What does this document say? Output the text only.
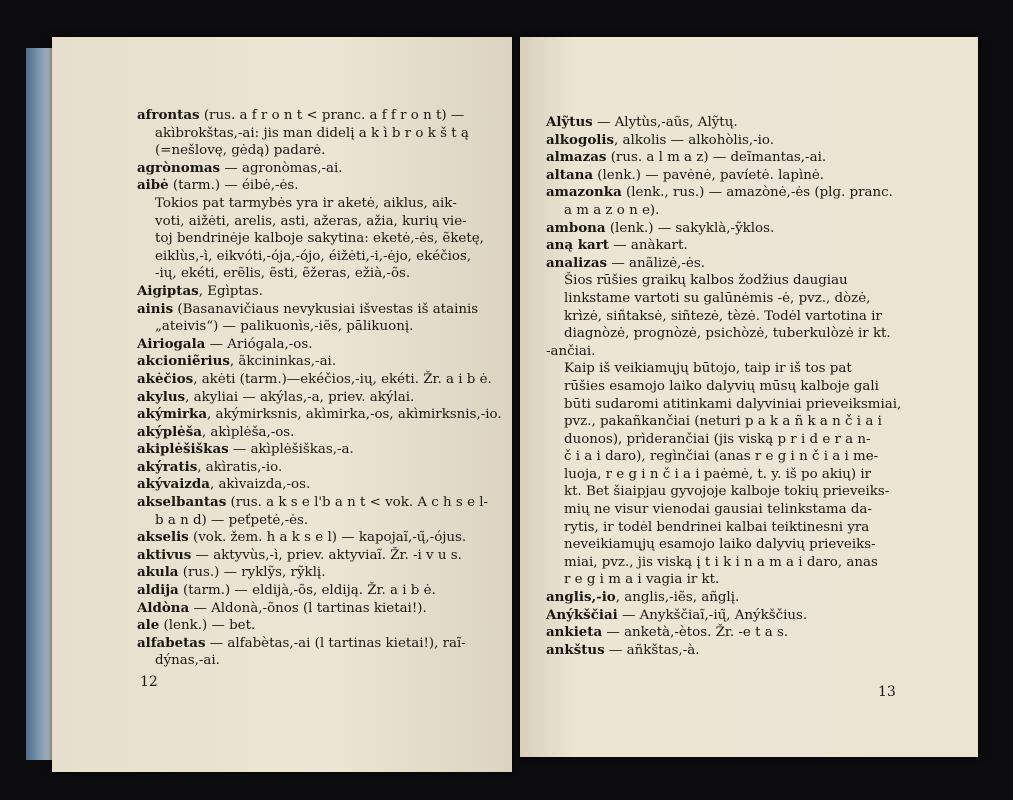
afrontas (rus. a f r o n t < pranc. a f f r o n t) —
akìbrokštas,-ai: jis man didelį a k ì b r o k š t ą
(=nešlovę, gėdą) padarė.
agrònomas — agronòmas,-ai.
aibė (tarm.) — éibė,-ės.
Tokios pat tarmybės yra ir aketė, aiklus, aik-
voti, aižėti, arelis, asti, ažeras, ažia, kurių vie-
toj bendrinėje kalboje sakytina: eketė,-ės, ẽketę,
eiklùs,-ì, eikvóti,-ója,-ójo, éižėti,-i,-ėjo, ekéčios,
-ių, ekéti, erẽlis, ẽsti, ẽžeras, ežià,-õs.
Aigiptas, Egìptas.
ainis (Basanavičiaus nevykusiai išvestas iš atainis
„ateivis“) — palikuonìs,-iẽs, pālikuonį.
Airiogala — Ariógala,-os.
akcioniẽrius, ãkcininkas,-ai.
akėčios, akėti (tarm.)—ekéčios,-ių, ekéti. Žr. a i b ė.
akylus, akyliai — akýlas,-a, priev. akýlai.
akýmirka, akýmirksnis, akìmirka,-os, akìmirksnis,-io.
akýplėša, akìplėša,-os.
akiplėšiškas — akìplėšiškas,-a.
akýratis, akìratis,-io.
akývaizda, akìvaizda,-os.
akselbantas (rus. a k s e l'b a n t < vok. A c h s e l-
b a n d) — peťpetė,-ės.
akselis (vok. žem. h a k s e l) — kapojaĩ,-ų̃,-ójus.
aktivus — aktyvùs,-ì, priev. aktyviaĩ. Žr. -i v u s.
akula (rus.) — ryklỹs, rỹklį.
aldija (tarm.) — eldijà,-õs, eldiją. Žr. a i b ė.
Aldòna — Aldonà,-õnos (l tartinas kietai!).
ale (lenk.) — bet.
alfabetas — alfabètas,-ai (l tartinas kietai!), raĩ-
dýnas,-ai.
12
Alỹtus — Alytùs,-aũs, Alỹtų.
alkogolis, alkolis — alkohòlis,-io.
almazas (rus. a l m a z) — deĩmantas,-ai.
altana (lenk.) — pavėnė, pavíetė. lapìnė.
amazonka (lenk., rus.) — amazònė,-ės (plg. pranc.
a m a z o n e).
ambona (lenk.) — sakyklà,-ỹklos.
aną kart — anàkart.
analizas — anãlizė,-ės.
Šios rūšies graikų kalbos žodžius daugiau
linkstame vartoti su galūnėmis -ė, pvz., dòzė,
krìzė, siñtaksė, siñtezė, tèzė. Todėl vartotina ir
diagnòzė, prognòzė, psichòzė, tuberkulòzė ir kt.
-ančiai.
Kaip iš veikiamųjų būtojo, taip ir iš tos pat
rūšies esamojo laiko dalyvių mūsų kalboje gali
būti sudaromi atitinkami dalyviniai prieveiksmiai,
pvz., pakañkančiai (neturi p a k a ñ k a n č i a i
duonos), prìderančiai (jis viską p r i d e r a n-
č i a i daro), regìnčiai (anas r e g i n č i a i me-
luoja, r e g i n č i a i paėmė, t. y. iš po akių) ir
kt. Bet šiaipjau gyvojoje kalboje tokių prieveiks-
mių ne visur vienodai gausiai telinkstama da-
rytis, ir todėl bendrinei kalbai teiktinesni yra
neveikiamųjų esamojo laiko dalyvių prieveiks-
miai, pvz., jis viską į t i k i n a m a i daro, anas
r e g i m a i vagia ir kt.
anglis,-io, anglis,-iẽs, añglį.
Anýkščiai — Anykščiaĩ,-ių̃, Anýkščius.
ankieta — anketà,-ètos. Žr. -e t a s.
ankštus — añkštas,-à.
13
